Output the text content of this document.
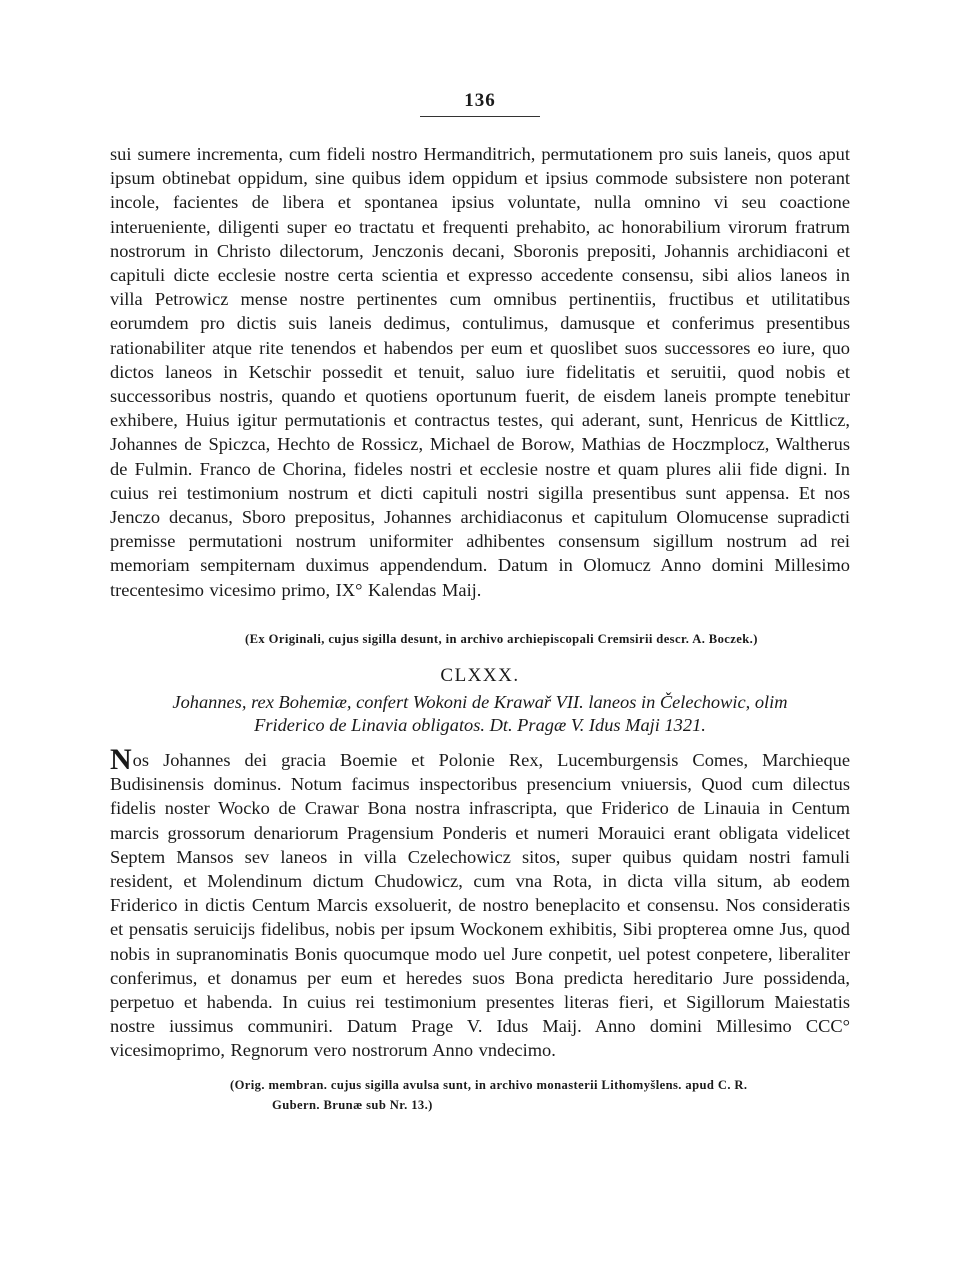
136

sui sumere incrementa, cum fideli nostro Hermanditrich, permutationem pro suis laneis, quos aput ipsum obtinebat oppidum, sine quibus idem oppidum et ipsius commode subsistere non poterant incole, facientes de libera et spontanea ipsius voluntate, nulla omnino vi seu coactione interueniente, diligenti super eo tractatu et frequenti prehabito, ac honorabilium virorum fratrum nostrorum in Christo dilectorum, Jenczonis decani, Sboronis prepositi, Johannis archidiaconi et capituli dicte ecclesie nostre certa scientia et expresso accedente consensu, sibi alios laneos in villa Petrowicz mense nostre pertinentes cum omnibus pertinentiis, fructibus et utilitatibus eorumdem pro dictis suis laneis dedimus, contulimus, damusque et conferimus presentibus rationabiliter atque rite tenendos et habendos per eum et quoslibet suos successores eo iure, quo dictos laneos in Ketschir possedit et tenuit, saluo iure fidelitatis et seruitii, quod nobis et successoribus nostris, quando et quotiens oportunum fuerit, de eisdem laneis prompte tenebitur exhibere, Huius igitur permutationis et contractus testes, qui aderant, sunt, Henricus de Kittlicz, Johannes de Spiczca, Hechto de Rossicz, Michael de Borow, Mathias de Hoczmplocz, Waltherus de Fulmin. Franco de Chorina, fideles nostri et ecclesie nostre et quam plures alii fide digni. In cuius rei testimonium nostrum et dicti capituli nostri sigilla presentibus sunt appensa. Et nos Jenczo decanus, Sboro prepositus, Johannes archidiaconus et capitulum Olomucense supradicti premisse permutationi nostrum uniformiter adhibentes consensum sigillum nostrum ad rei memoriam sempiternam duximus appendendum. Datum in Olomucz Anno domini Millesimo trecentesimo vicesimo primo, IX° Kalendas Maij.

(Ex Originali, cujus sigilla desunt, in archivo archiepiscopali Cremsirii descr. A. Boczek.)

CLXXX.
Johannes, rex Bohemiæ, confert Wokoni de Krawař VII. laneos in Čelechowic, olim
Friderico de Linavia obligatos. Dt. Pragæ V. Idus Maji 1321.

Nos Johannes dei gracia Boemie et Polonie Rex, Lucemburgensis Comes, Marchieque Budisinensis dominus. Notum facimus inspectoribus presencium vniuersis, Quod cum dilectus fidelis noster Wocko de Crawar Bona nostra infrascripta, que Friderico de Linauia in Centum marcis grossorum denariorum Pragensium Ponderis et numeri Morauici erant obligata videlicet Septem Mansos sev laneos in villa Czelechowicz sitos, super quibus quidam nostri famuli resident, et Molendinum dictum Chudowicz, cum vna Rota, in dicta villa situm, ab eodem Friderico in dictis Centum Marcis exsoluerit, de nostro beneplacito et consensu. Nos consideratis et pensatis seruicijs fidelibus, nobis per ipsum Wockonem exhibitis, Sibi propterea omne Jus, quod nobis in supranominatis Bonis quocumque modo uel Jure conpetit, uel potest conpetere, liberaliter conferimus, et donamus per eum et heredes suos Bona predicta hereditario Jure possidenda, perpetuo et habenda. In cuius rei testimonium presentes literas fieri, et Sigillorum Maiestatis nostre iussimus communiri. Datum Prage V. Idus Maij. Anno domini Millesimo CCC° vicesimoprimo, Regnorum vero nostrorum Anno vndecimo.

(Orig. membran. cujus sigilla avulsa sunt, in archivo monasterii Lithomyšlens. apud C. R.
Gubern. Brunæ sub Nr. 13.)
